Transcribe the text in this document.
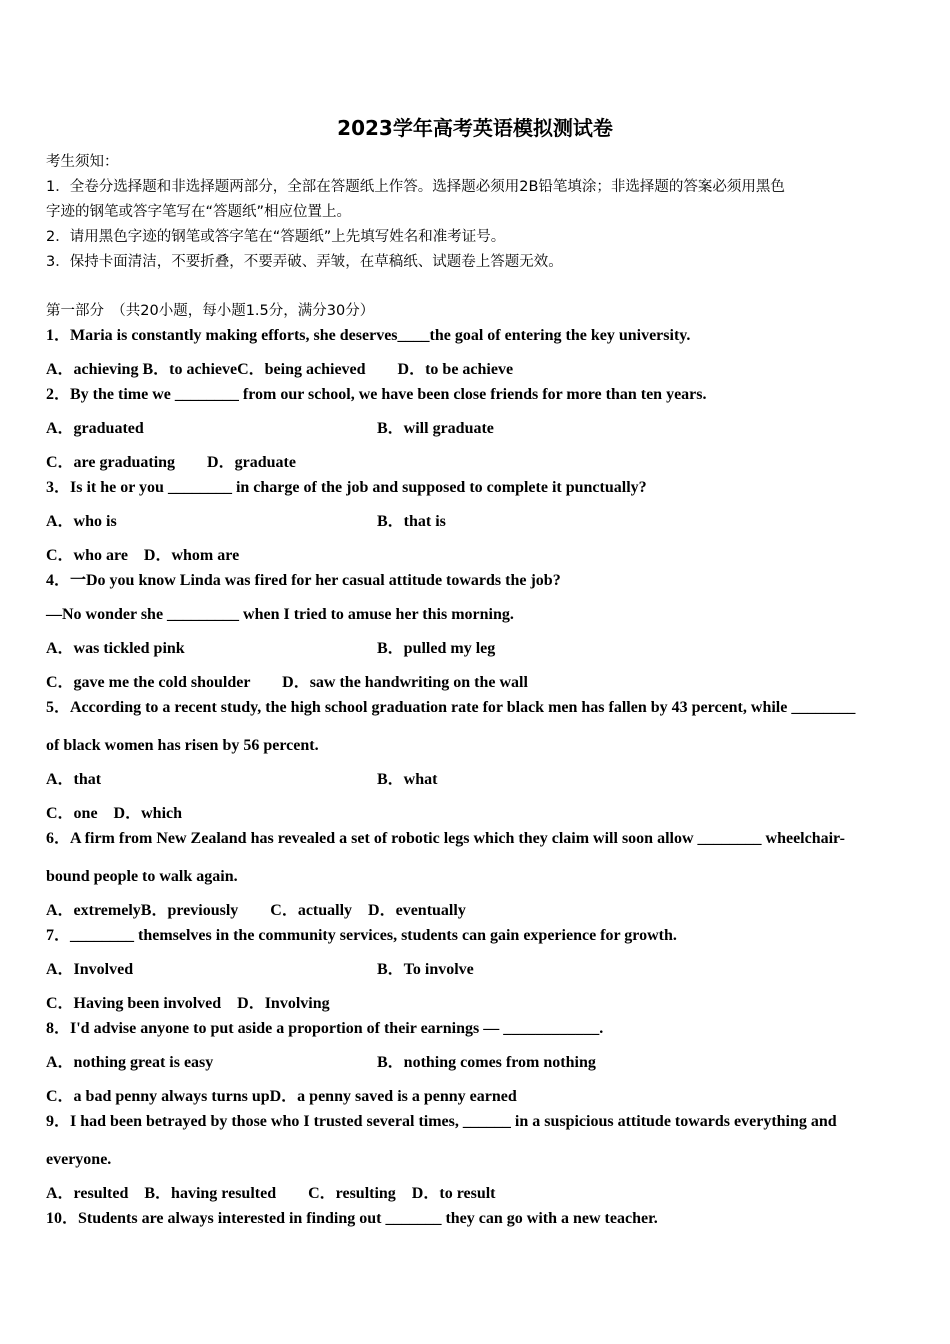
2023学年高考英语模拟测试卷
考生须知：
1．全卷分选择题和非选择题两部分，全部在答题纸上作答。选择题必须用2B铅笔填涂；非选择题的答案必须用黑色
字迹的钢笔或答字笔写在“答题纸”相应位置上。
2．请用黑色字迹的钢笔或答字笔在“答题纸”上先填写姓名和准考证号。
3．保持卡面清洁，不要折叠，不要弄破、弄皱，在草稿纸、试题卷上答题无效。
第一部分　（共20小题，每小题1.5分，满分30分）
1．Maria is constantly making efforts, she deserves____the goal of entering the key university.
A．achieving B．to achieveC．being achieved　　D．to be achieve
2．By the time we ________ from our school, we have been close friends for more than ten years.
A．graduated	B．will graduate
C．are graduating　　D．graduate
3．Is it he or you ________ in charge of the job and supposed to complete it punctually?
A．who is	B．that is
C．who are　D．whom are
4．一Do you know Linda was fired for her casual attitude towards the job?
—No wonder she _________ when I tried to amuse her this morning.
A．was tickled pink	B．pulled my leg
C．gave me the cold shoulder　　D．saw the handwriting on the wall
5．According to a recent study, the high school graduation rate for black men has fallen by 43 percent, while ________
of black women has risen by 56 percent.
A．that	B．what
C．one　D．which
6．A firm from New Zealand has revealed a set of robotic legs which they claim will soon allow ________ wheelchair-
bound people to walk again.
A．extremelyB．previously　　C．actually　D．eventually
7．________ themselves in the community services, students can gain experience for growth.
A．Involved	B．To involve
C．Having been involved　D．Involving
8．I'd advise anyone to put aside a proportion of their earnings — ____________.
A．nothing great is easy	B．nothing comes from nothing
C．a bad penny always turns upD．a penny saved is a penny earned
9．I had been betrayed by those who I trusted several times, ______ in a suspicious attitude towards everything and
everyone.
A．resulted　B．having resulted　　C．resulting　D．to result
10．Students are always interested in finding out _______ they can go with a new teacher.
